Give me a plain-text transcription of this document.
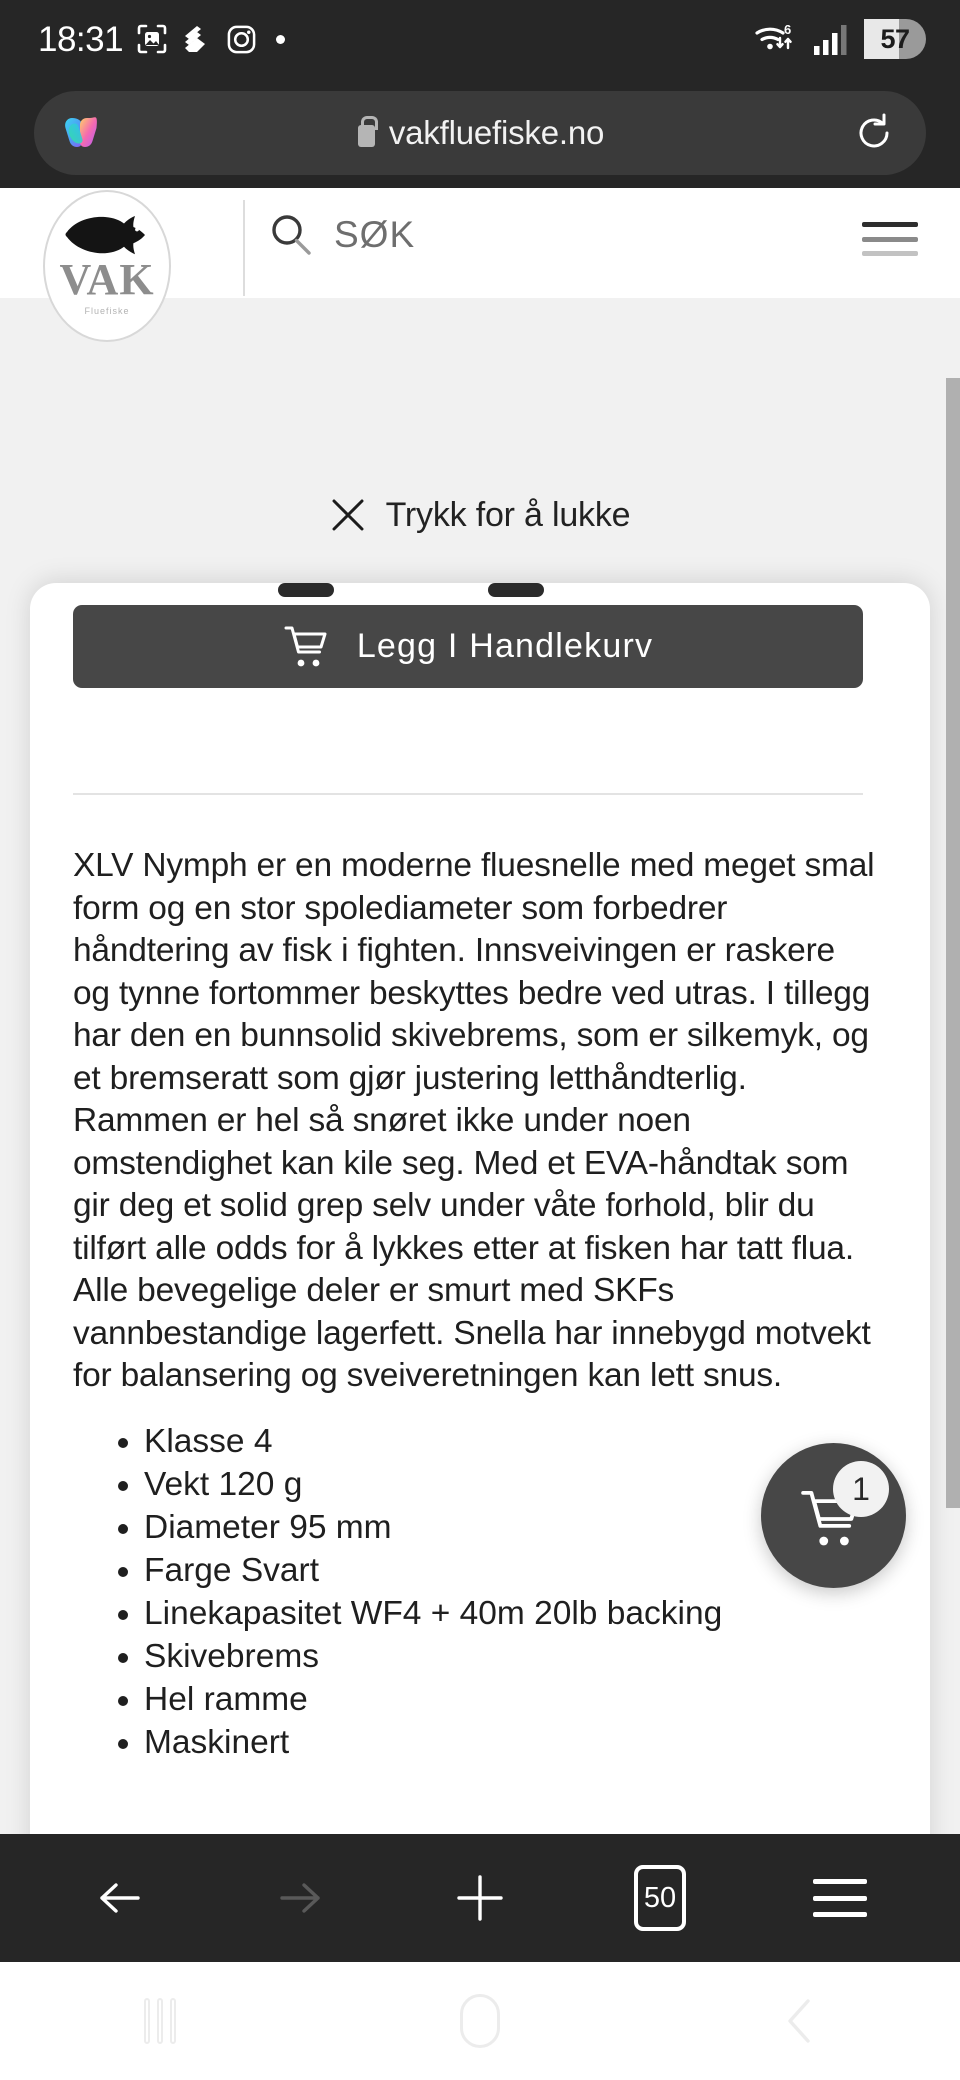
18:31	6	57
vakfluefiske.no
VAK
Fluefiske
SØK
Trykk for å lukke
Legg I Handlekurv

XLV Nymph er en moderne fluesnelle med meget smal form og en stor spolediameter som forbedrer håndtering av fisk i fighten. Innsveivingen er raskere og tynne fortommer beskyttes bedre ved utras. I tillegg har den en bunnsolid skivebrems, som er silkemyk, og et bremseratt som gjør justering letthåndterlig. Rammen er hel så snøret ikke under noen omstendighet kan kile seg. Med et EVA-håndtak som gir deg et solid grep selv under våte forhold, blir du tilført alle odds for å lykkes etter at fisken har tatt flua. Alle bevegelige deler er smurt med SKFs vannbestandige lagerfett. Snella har innebygd motvekt for balansering og sveiveretningen kan lett snus.

• Klasse 4
• Vekt 120 g
• Diameter 95 mm
• Farge Svart
• Linekapasitet WF4 + 40m 20lb backing
• Skivebrems
• Hel ramme
• Maskinert
1
50
